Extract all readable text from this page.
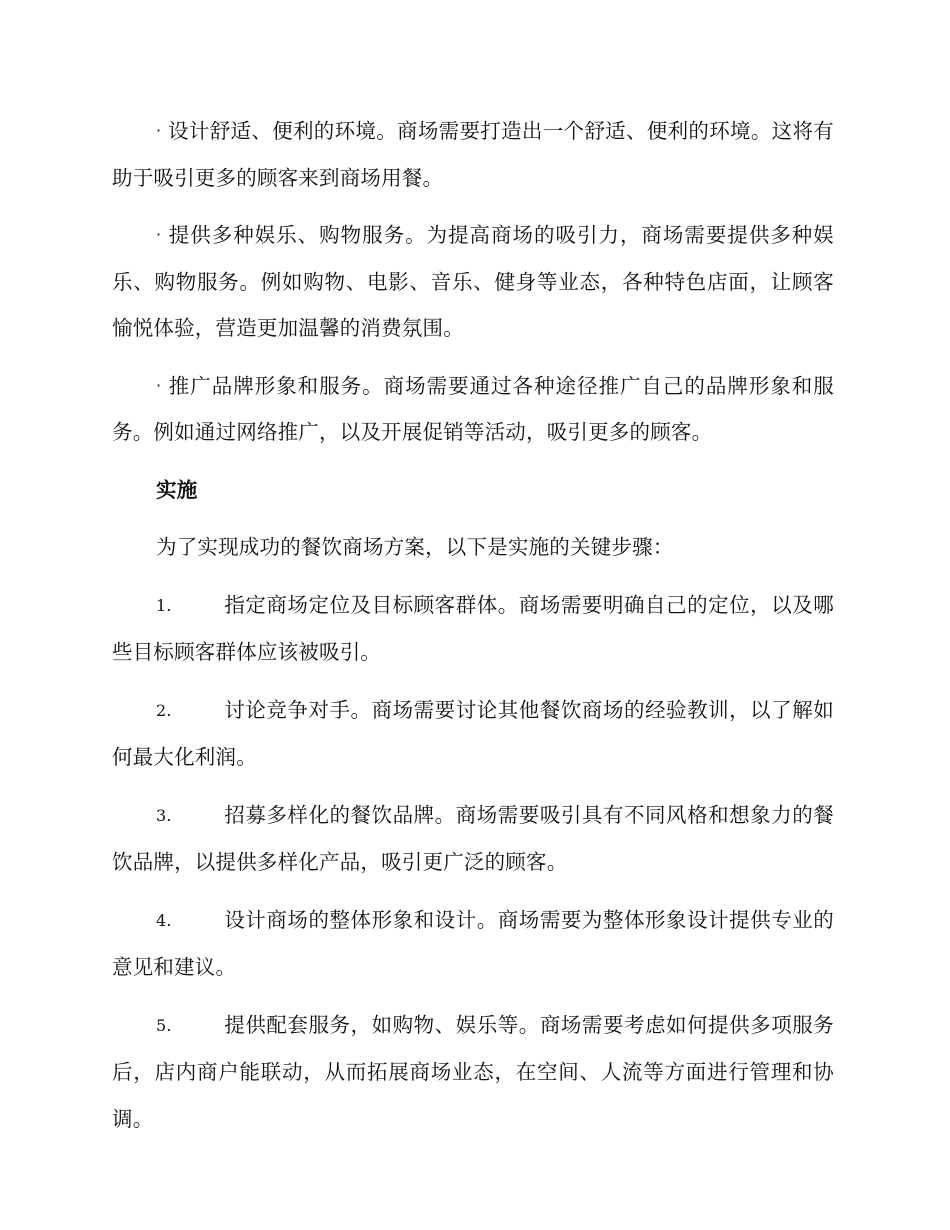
· 设计舒适、便利的环境。商场需要打造出一个舒适、便利的环境。这将有助于吸引更多的顾客来到商场用餐。

· 提供多种娱乐、购物服务。为提高商场的吸引力，商场需要提供多种娱乐、购物服务。例如购物、电影、音乐、健身等业态，各种特色店面，让顾客愉悦体验，营造更加温馨的消费氛围。

· 推广品牌形象和服务。商场需要通过各种途径推广自己的品牌形象和服务。例如通过网络推广，以及开展促销等活动，吸引更多的顾客。

实施

为了实现成功的餐饮商场方案，以下是实施的关键步骤：

1.	指定商场定位及目标顾客群体。商场需要明确自己的定位，以及哪些目标顾客群体应该被吸引。

2.	讨论竞争对手。商场需要讨论其他餐饮商场的经验教训，以了解如何最大化利润。

3.	招募多样化的餐饮品牌。商场需要吸引具有不同风格和想象力的餐饮品牌，以提供多样化产品，吸引更广泛的顾客。

4.	设计商场的整体形象和设计。商场需要为整体形象设计提供专业的意见和建议。

5.	提供配套服务，如购物、娱乐等。商场需要考虑如何提供多项服务后，店内商户能联动，从而拓展商场业态，在空间、人流等方面进行管理和协调。
